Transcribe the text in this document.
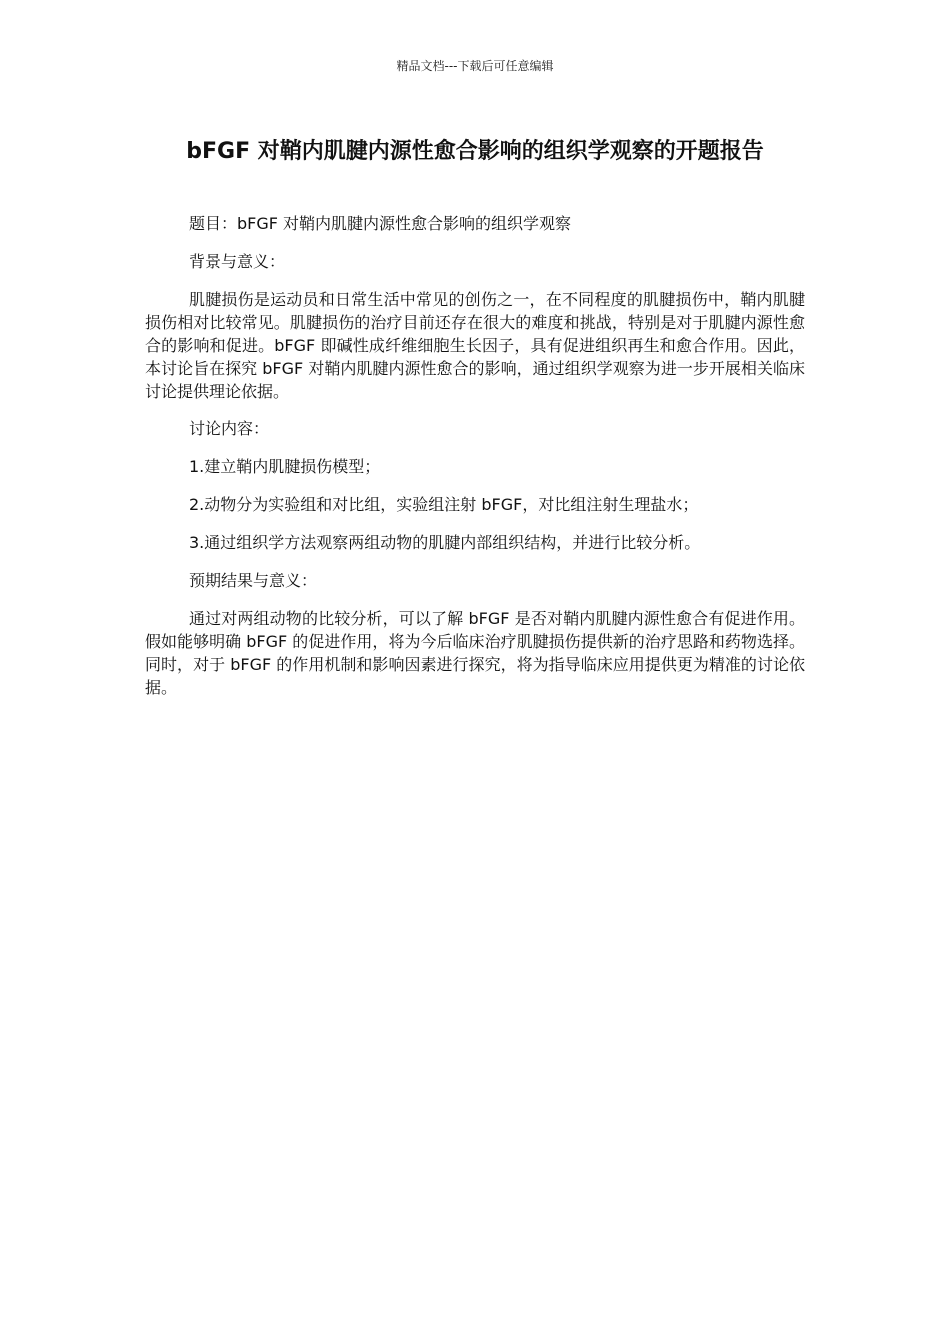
精品文档---下载后可任意编辑
bFGF 对鞘内肌腱内源性愈合影响的组织学观察的开题报告

题目：bFGF 对鞘内肌腱内源性愈合影响的组织学观察

背景与意义：

肌腱损伤是运动员和日常生活中常见的创伤之一，在不同程度的肌腱损伤中，鞘内肌腱损伤相对比较常见。肌腱损伤的治疗目前还存在很大的难度和挑战，特别是对于肌腱内源性愈合的影响和促进。bFGF 即碱性成纤维细胞生长因子，具有促进组织再生和愈合作用。因此，本讨论旨在探究 bFGF 对鞘内肌腱内源性愈合的影响，通过组织学观察为进一步开展相关临床讨论提供理论依据。

讨论内容：

1.建立鞘内肌腱损伤模型；

2.动物分为实验组和对比组，实验组注射 bFGF，对比组注射生理盐水；

3.通过组织学方法观察两组动物的肌腱内部组织结构，并进行比较分析。

预期结果与意义：

通过对两组动物的比较分析，可以了解 bFGF 是否对鞘内肌腱内源性愈合有促进作用。假如能够明确 bFGF 的促进作用，将为今后临床治疗肌腱损伤提供新的治疗思路和药物选择。同时，对于 bFGF 的作用机制和影响因素进行探究，将为指导临床应用提供更为精准的讨论依据。
